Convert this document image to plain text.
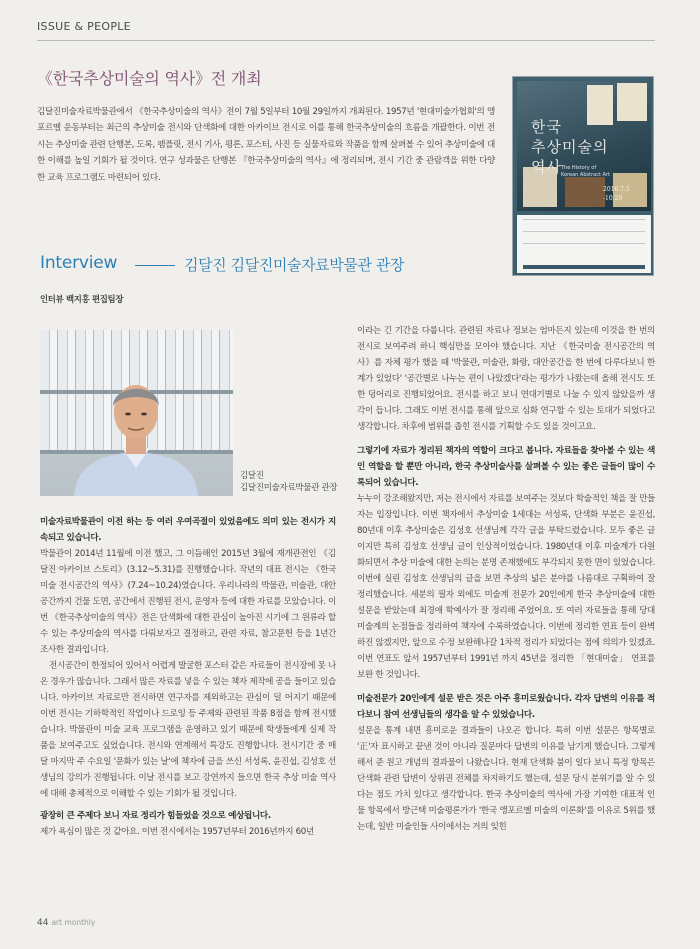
ISSUE & PEOPLE
《한국추상미술의 역사》전 개최
김달진미술자료박물관에서 《한국추상미술의 역사》전이 7월 5일부터 10월 29일까지 개최된다. 1957년 '현대미술가협회'의 앵포르멜 운동부터는 최근의 추상미술 전시와 단색화에 대한 아카이브 전시로 이를 통해 한국추상미술의 흐름을 개괄한다. 이번 전시는 추상미술 관련 단행본, 도록, 팸플릿, 전시 기사, 평론, 포스터, 사진 등 실물자료와 작품을 함께 살펴볼 수 있어 추상미술에 대한 이해를 높일 기회가 될 것이다. 연구 성과물은 단행본 『한국추상미술의 역사』에 정리되며, 전시 기간 중 관람객을 위한 다양한 교육 프로그램도 마련되어 있다.
한국
추상미술의
역사 The History of
Korean Abstract Art
2016.7.5
-10.29
Interview	김달진 김달진미술자료박물관 관장
인터뷰 백지홍 편집팀장
김달진
김달진미술자료박물관 관장

미술자료박물관이 이전 하는 등 여러 우여곡절이 있었음에도 의미 있는 전시가 지속되고 있습니다.

박물관이 2014년 11월에 이전 했고, 그 이듬해인 2015년 3월에 재개관전인 《김달진 아카이브 스토리》(3.12~5.31)를 진행했습니다. 작년의 대표 전시는 《한국 미술 전시공간의 역사》(7.24~10.24)였습니다. 우리나라의 박물관, 미술관, 대안공간까지 건물 도면, 공간에서 진행된 전시, 운영자 등에 대한 자료를 모았습니다. 이번 《한국추상미술의 역사》전은 단색화에 대한 관심이 높아진 시기에 그 원류라 할 수 있는 추상미술의 역사를 다뤄보자고 결정하고, 관련 자료, 참고문헌 등을 1년간 조사한 결과입니다.

전시공간이 한정되어 있어서 어렵게 발굴한 포스터 같은 자료들이 전시장에 못 나온 경우가 많습니다. 그래서 많은 자료를 넣을 수 있는 책자 제작에 공을 들이고 있습니다. 아카이브 자료로만 전시하면 연구자를 제외하고는 관심이 덜 어지기 때문에 이번 전시는 기하학적인 작업이나 드로잉 등 주제와 관련된 작품 8점을 함께 전시했습니다. 박물관이 미술 교육 프로그램을 운영하고 있기 때문에 학생들에게 실제 작품을 보여주고도 싶었습니다. 전시와 연계해서 특강도 진행합니다. 전시기간 중 매달 마지막 주 수요일 '문화가 있는 날'에 책자에 글을 쓰신 서성록, 윤진섭, 김성호 선생님의 강의가 진행됩니다. 이날 전시를 보고 강연까지 들으면 한국 추상 미술 역사에 대해 총체적으로 이해할 수 있는 기회가 될 것입니다.

광장히 큰 주제다 보니 자료 정리가 힘들었을 것으로 예상됩니다.

제가 욕심이 많은 것 같아요. 이번 전시에서는 1957년부터 2016년까지 60년

이라는 긴 기간을 다룹니다. 관련된 자료나 정보는 엄마든지 있는데 이것을 한 번의 전시로 보여주려 하니 핵심만을 모아야 했습니다. 지난 《한국미술 전시공간의 역사》를 자체 평가 했을 때 '박물관, 미술관, 화랑, 대안공간을 한 번에 다루다보니 한계가 있었다' '공간별로 나누는 편이 나았겠다'라는 평가가 나왔는데 올해 전시도 또 한 덩어리로 진행되었어요. 전시를 하고 보니 연대기별로 나눌 수 있지 않았을까 생각이 듭니다. 그래도 이번 전시를 통해 앞으로 심화 연구할 수 있는 토대가 되었다고 생각합니다. 차후에 범위를 좁힌 전시를 기획할 수도 있을 것이고요.

그렇기에 자료가 정리된 책자의 역할이 크다고 봅니다. 자료들을 찾아볼 수 있는 색인 역할을 할 뿐만 아니라, 한국 추상미술사를 살펴볼 수 있는 좋은 글들이 많이 수록되어 있습니다.

누누이 강조해왔지만, 저는 전시에서 자료를 보여주는 것보다 학술적인 책을 잘 만들자는 입장입니다. 이번 책자에서 추상미술 1세대는 서성록, 단색화 부분은 윤진섭, 80년대 이후 추상미술은 김성호 선생님께 각각 글을 부탁드렸습니다. 모두 좋은 글이지만 특히 김성호 선생님 글이 인상적이었습니다. 1980년대 이후 미술계가 다원화되면서 추상 미술에 대한 논의는 분명 존재했에도 부각되지 못한 면이 있었습니다. 이번에 실린 김성호 선생님의 글을 보면 추상의 넓은 분야를 나름대로 구획하여 잘 정리했습니다. 세분의 필자 외에도 미술계 전문가 20인에게 한국 추상미술에 대한 설문을 받았는데 최경애 학예사가 잘 정리해 주었어요. 또 여러 자료들을 통해 당대 미술계의 논점들을 정리하여 책자에 수록하였습니다. 이번에 정리한 연표 등이 완벽하진 않겠지만, 앞으로 수정 보완해나갈 1차적 정리가 되었다는 점에 의의가 있겠죠. 이번 연표도 앞서 1957년부터 1991년 까지 45년을 정리한 「현대미술」 연표를 보완 한 것입니다.

미술전문가 20인에게 설문 받은 것은 아주 흥미로웠습니다. 각자 답변의 이유를 적다보니 참여 선생님들의 생각을 알 수 있었습니다.

설문을 통계 내면 흥미로운 결과들이 나오곤 합니다. 특히 이번 설문은 항목별로 '正'자 표시하고 끝낸 것이 아니라 질문마다 답변의 이유를 남기게 했습니다. 그렇게 해서 준 원고 개념의 결과물이 나왔습니다. 현재 단색화 붐이 일다 보니 특정 항목은 단색화 관련 답변이 상위권 전체를 차지하기도 했는데, 설문 당시 분위기를 알 수 있다는 점도 가치 있다고 생각합니다. 한국 추상미술의 역사에 가장 기여한 대표적 인물 항목에서 방근택 미술평론가가 '한국 앵포르멜 미술의 이론화'를 이유로 5위를 했는데, 일반 미술인들 사이에서는 거의 잊힌

44 art monthly
